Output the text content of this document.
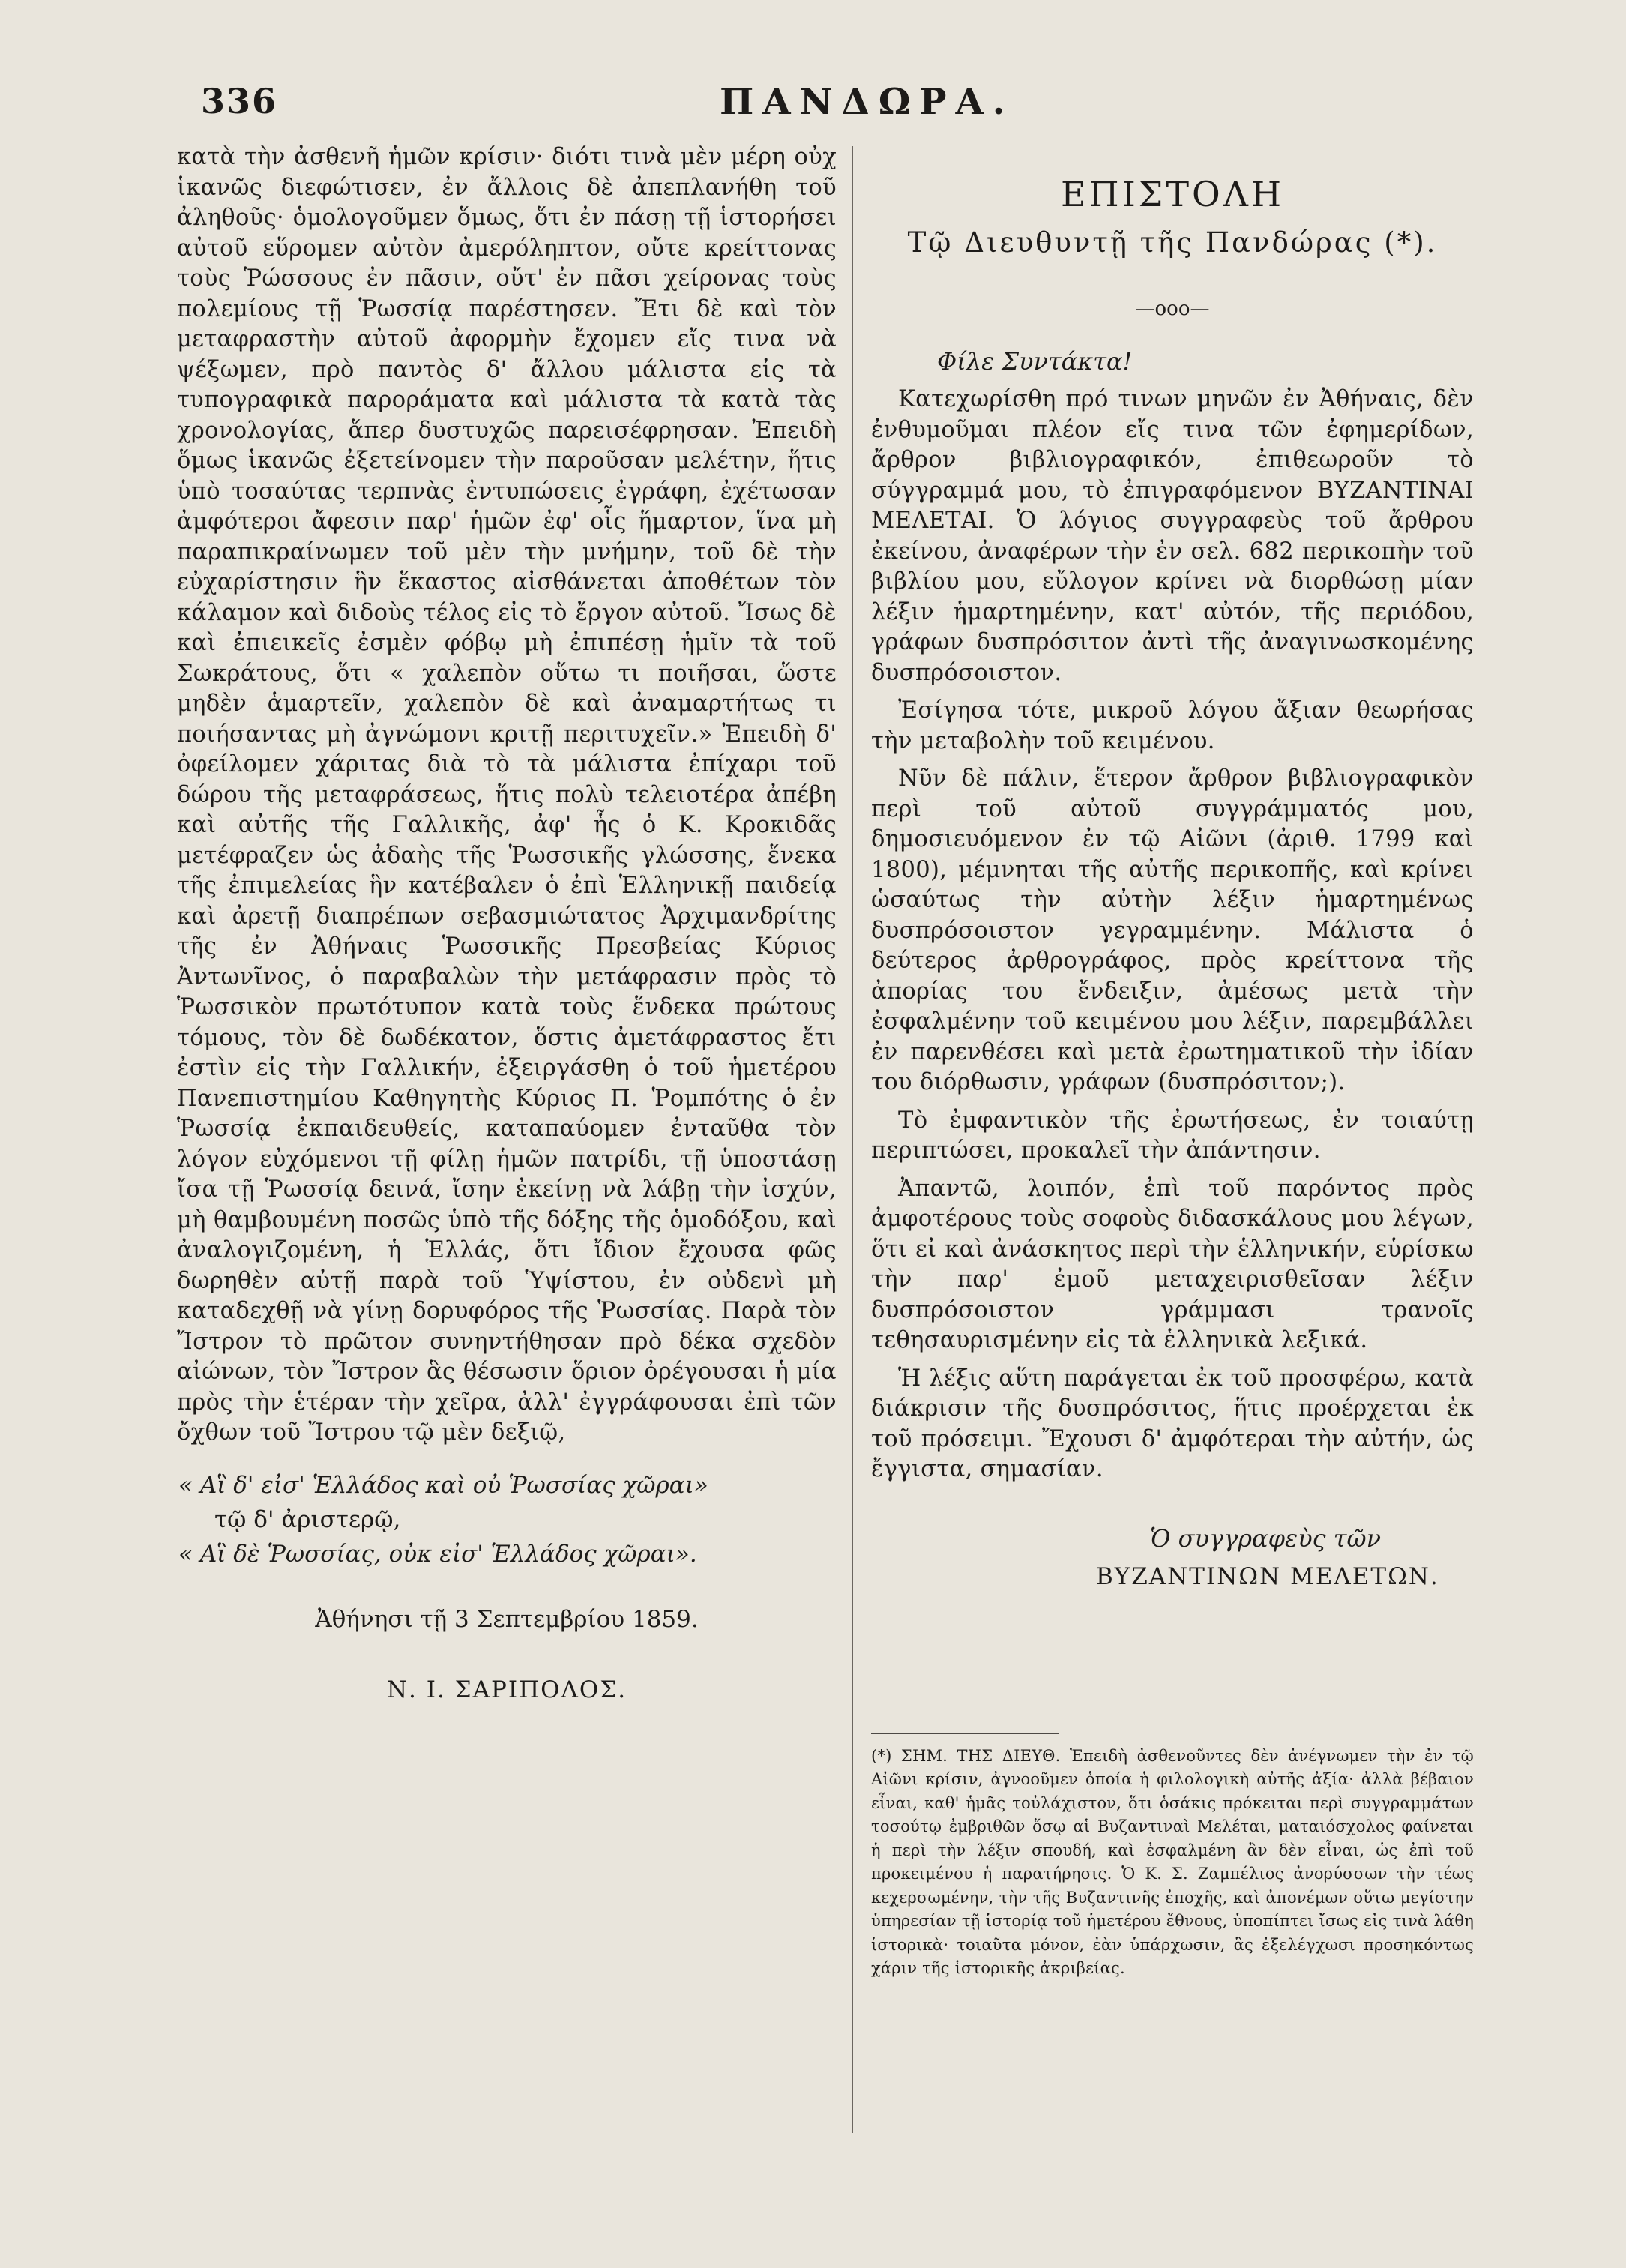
336	ΠΑΝΔΩΡΑ.

κατὰ τὴν ἀσθενῆ ἡμῶν κρίσιν· διότι τινὰ μὲν μέρη οὐχ ἱκανῶς διεφώτισεν, ἐν ἄλλοις δὲ ἀπεπλανήθη τοῦ ἀληθοῦς· ὁμολογοῦμεν ὅμως, ὅτι ἐν πάσῃ τῇ ἱστορήσει αὐτοῦ εὕρομεν αὐτὸν ἀμερόληπτον, οὔτε κρείττονας τοὺς Ῥώσσους ἐν πᾶσιν, οὔτ' ἐν πᾶσι χείρονας τοὺς πολεμίους τῇ Ῥωσσίᾳ παρέστησεν. Ἔτι δὲ καὶ τὸν μεταφραστὴν αὐτοῦ ἀφορμὴν ἔχομεν εἴς τινα νὰ ψέξωμεν, πρὸ παντὸς δ' ἄλλου μάλιστα εἰς τὰ τυπογραφικὰ παροράματα καὶ μάλιστα τὰ κατὰ τὰς χρονολογίας, ἅπερ δυστυχῶς παρεισέφρησαν. Ἐπειδὴ ὅμως ἱκανῶς ἐξετείνομεν τὴν παροῦσαν μελέτην, ἥτις ὑπὸ τοσαύτας τερπνὰς ἐντυπώσεις ἐγράφη, ἐχέτωσαν ἀμφότεροι ἄφεσιν παρ' ἡμῶν ἐφ' οἷς ἥμαρτον, ἵνα μὴ παραπικραίνωμεν τοῦ μὲν τὴν μνήμην, τοῦ δὲ τὴν εὐχαρίστησιν ἣν ἕκαστος αἰσθάνεται ἀποθέτων τὸν κάλαμον καὶ διδοὺς τέλος εἰς τὸ ἔργον αὐτοῦ. Ἴσως δὲ καὶ ἐπιεικεῖς ἐσμὲν φόβῳ μὴ ἐπιπέσῃ ἡμῖν τὰ τοῦ Σωκράτους, ὅτι « χαλεπὸν οὕτω τι ποιῆσαι, ὥστε μηδὲν ἁμαρτεῖν, χαλεπὸν δὲ καὶ ἀναμαρτήτως τι ποιήσαντας μὴ ἀγνώμονι κριτῇ περιτυχεῖν.» Ἐπειδὴ δ' ὀφείλομεν χάριτας διὰ τὸ τὰ μάλιστα ἐπίχαρι τοῦ δώρου τῆς μεταφράσεως, ἥτις πολὺ τελειοτέρα ἀπέβη καὶ αὐτῆς τῆς Γαλλικῆς, ἀφ' ἧς ὁ Κ. Κροκιδᾶς μετέφραζεν ὡς ἀδαὴς τῆς Ῥωσσικῆς γλώσσης, ἕνεκα τῆς ἐπιμελείας ἣν κατέβαλεν ὁ ἐπὶ Ἑλληνικῇ παιδείᾳ καὶ ἀρετῇ διαπρέπων σεβασμιώτατος Ἀρχιμανδρίτης τῆς ἐν Ἀθήναις Ῥωσσικῆς Πρεσβείας Κύριος Ἀντωνῖνος, ὁ παραβαλὼν τὴν μετάφρασιν πρὸς τὸ Ῥωσσικὸν πρωτότυπον κατὰ τοὺς ἕνδεκα πρώτους τόμους, τὸν δὲ δωδέκατον, ὅστις ἀμετάφραστος ἔτι ἐστὶν εἰς τὴν Γαλλικήν, ἐξειργάσθη ὁ τοῦ ἡμετέρου Πανεπιστημίου Καθηγητὴς Κύριος Π. Ῥομπότης ὁ ἐν Ῥωσσίᾳ ἐκπαιδευθείς, καταπαύομεν ἐνταῦθα τὸν λόγον εὐχόμενοι τῇ φίλῃ ἡμῶν πατρίδι, τῇ ὑποστάσῃ ἴσα τῇ Ῥωσσίᾳ δεινά, ἴσην ἐκείνῃ νὰ λάβῃ τὴν ἰσχύν, μὴ θαμβουμένη ποσῶς ὑπὸ τῆς δόξης τῆς ὁμοδόξου, καὶ ἀναλογιζομένη, ἡ Ἑλλάς, ὅτι ἴδιον ἔχουσα φῶς δωρηθὲν αὐτῇ παρὰ τοῦ Ὑψίστου, ἐν οὐδενὶ μὴ καταδεχθῇ νὰ γίνῃ δορυφόρος τῆς Ῥωσσίας. Παρὰ τὸν Ἴστρον τὸ πρῶτον συνηντήθησαν πρὸ δέκα σχεδὸν αἰώνων, τὸν Ἴστρον ἃς θέσωσιν ὅριον ὀρέγουσαι ἡ μία πρὸς τὴν ἑτέραν τὴν χεῖρα, ἀλλ' ἐγγράφουσαι ἐπὶ τῶν ὄχθων τοῦ Ἴστρου τῷ μὲν δεξιῷ,

« Αἳ δ' εἰσ' Ἑλλάδος καὶ οὐ Ῥωσσίας χῶραι»
τῷ δ' ἀριστερῷ,
« Αἳ δὲ Ῥωσσίας, οὐκ εἰσ' Ἑλλάδος χῶραι».
Ἀθήνησι τῇ 3 Σεπτεμβρίου 1859.
Ν. Ι. ΣΑΡΙΠΟΛΟΣ.
ΕΠΙΣΤΟΛΗ
Τῷ Διευθυντῇ τῆς Πανδώρας (*).
—οοο—
Φίλε Συντάκτα!

Κατεχωρίσθη πρό τινων μηνῶν ἐν Ἀθήναις, δὲν ἐνθυμοῦμαι πλέον εἴς τινα τῶν ἐφημερίδων, ἄρθρον βιβλιογραφικόν, ἐπιθεωροῦν τὸ σύγγραμμά μου, τὸ ἐπιγραφόμενον ΒΥΖΑΝΤΙΝΑΙ ΜΕΛΕΤΑΙ. Ὁ λόγιος συγγραφεὺς τοῦ ἄρθρου ἐκείνου, ἀναφέρων τὴν ἐν σελ. 682 περικοπὴν τοῦ βιβλίου μου, εὔλογον κρίνει νὰ διορθώσῃ μίαν λέξιν ἡμαρτημένην, κατ' αὐτόν, τῆς περιόδου, γράφων δυσπρόσιτον ἀντὶ τῆς ἀναγινωσκομένης δυσπρόσοιστον.

Ἐσίγησα τότε, μικροῦ λόγου ἄξιαν θεωρήσας τὴν μεταβολὴν τοῦ κειμένου.

Νῦν δὲ πάλιν, ἕτερον ἄρθρον βιβλιογραφικὸν περὶ τοῦ αὐτοῦ συγγράμματός μου, δημοσιευόμενον ἐν τῷ Αἰῶνι (ἀριθ. 1799 καὶ 1800), μέμνηται τῆς αὐτῆς περικοπῆς, καὶ κρίνει ὡσαύτως τὴν αὐτὴν λέξιν ἡμαρτημένως δυσπρόσοιστον γεγραμμένην. Μάλιστα ὁ δεύτερος ἀρθρογράφος, πρὸς κρείττονα τῆς ἀπορίας του ἔνδειξιν, ἀμέσως μετὰ τὴν ἐσφαλμένην τοῦ κειμένου μου λέξιν, παρεμβάλλει ἐν παρενθέσει καὶ μετὰ ἐρωτηματικοῦ τὴν ἰδίαν του διόρθωσιν, γράφων (δυσπρόσιτον;).

Τὸ ἐμφαντικὸν τῆς ἐρωτήσεως, ἐν τοιαύτῃ περιπτώσει, προκαλεῖ τὴν ἀπάντησιν.

Ἀπαντῶ, λοιπόν, ἐπὶ τοῦ παρόντος πρὸς ἀμφοτέρους τοὺς σοφοὺς διδασκάλους μου λέγων, ὅτι εἰ καὶ ἀνάσκητος περὶ τὴν ἑλληνικήν, εὑρίσκω τὴν παρ' ἐμοῦ μεταχειρισθεῖσαν λέξιν δυσπρόσοιστον γράμμασι τρανοῖς τεθησαυρισμένην εἰς τὰ ἑλληνικὰ λεξικά.

Ἡ λέξις αὕτη παράγεται ἐκ τοῦ προσφέρω, κατὰ διάκρισιν τῆς δυσπρόσιτος, ἥτις προέρχεται ἐκ τοῦ πρόσειμι. Ἔχουσι δ' ἀμφότεραι τὴν αὐτήν, ὡς ἔγγιστα, σημασίαν.

Ὁ συγγραφεὺς τῶν
ΒΥΖΑΝΤΙΝΩΝ ΜΕΛΕΤΩΝ.

(*) ΣΗΜ. ΤΗΣ ΔΙΕΥΘ. Ἐπειδὴ ἀσθενοῦντες δὲν ἀνέγνωμεν τὴν ἐν τῷ Αἰῶνι κρίσιν, ἀγνοοῦμεν ὁποία ἡ φιλολογικὴ αὐτῆς ἀξία· ἀλλὰ βέβαιον εἶναι, καθ' ἡμᾶς τοὐλάχιστον, ὅτι ὁσάκις πρόκειται περὶ συγγραμμάτων τοσούτῳ ἐμβριθῶν ὅσῳ αἱ Βυζαντιναὶ Μελέται, ματαιόσχολος φαίνεται ἡ περὶ τὴν λέξιν σπουδή, καὶ ἐσφαλμένη ἂν δὲν εἶναι, ὡς ἐπὶ τοῦ προκειμένου ἡ παρατήρησις. Ὁ Κ. Σ. Ζαμπέλιος ἀνορύσσων τὴν τέως κεχερσωμένην, τὴν τῆς Βυζαντινῆς ἐποχῆς, καὶ ἀπονέμων οὕτω μεγίστην ὑπηρεσίαν τῇ ἱστορίᾳ τοῦ ἡμετέρου ἔθνους, ὑποπίπτει ἴσως εἰς τινὰ λάθη ἱστορικὰ· τοιαῦτα μόνον, ἐὰν ὑπάρχωσιν, ἃς ἐξελέγχωσι προσηκόντως χάριν τῆς ἱστορικῆς ἀκριβείας.
